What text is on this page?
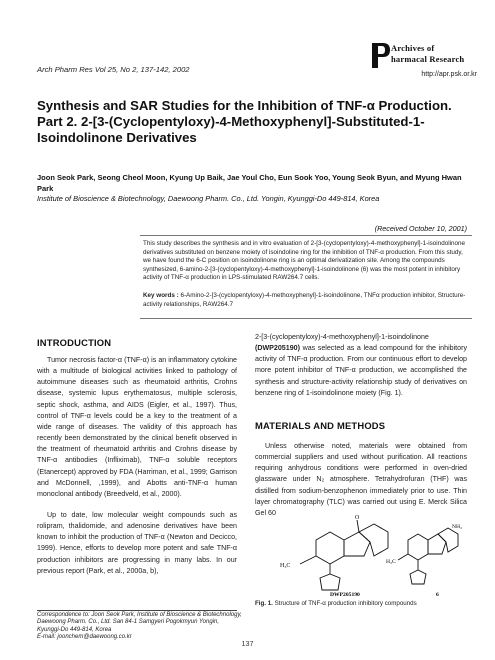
Arch Pharm Res Vol 25, No 2, 137-142, 2002
Archives of
harmacal Research
http://apr.psk.or.kr
Synthesis and SAR Studies for the Inhibition of TNF-α Production. Part 2. 2-[3-(Cyclopentyloxy)-4-Methoxyphenyl]-Substituted-1-Isoindolinone Derivatives
Joon Seok Park, Seong Cheol Moon, Kyung Up Baik, Jae Youl Cho, Eun Sook Yoo, Young Seok Byun, and Myung Hwan Park
Institute of Bioscience & Biotechnology, Daewoong Pharm. Co., Ltd. Yongin, Kyunggi-Do 449-814, Korea
(Received October 10, 2001)
This study describes the synthesis and in vitro evaluation of 2-[3-(cyclopentyloxy)-4-methoxyphenyl]-1-isoindolinone derivatives substituted on benzene moiety of isoindoline ring for the inhibition of TNF-α production. From this study, we have found the 6-C position on isoindolinone ring is an optimal derivatization site. Among the compounds synthesized, 6-amino-2-[3-(cyclopentyloxy)-4-methoxyphenyl]-1-isoindolinone (6) was the most potent in inhibitory activity of TNF-α production in LPS-stimulated RAW264.7 cells.
Key words : 6-Amino-2-[3-(cyclopentyloxy)-4-methoxyphenyl]-1-isoindolinone, TNFα production inhibitor, Structure-activity relationships, RAW264.7
INTRODUCTION
Tumor necrosis factor-α (TNF-α) is an inflammatory cytokine with a multitude of biological activities linked to pathology of autoimmune diseases such as rheumatoid arthritis, Crohns disease, systemic lupus erythematosus, multiple sclerosis, septic shock, asthma, and AIDS (Eigler, et al., 1997). Thus, control of TNF-α levels could be a key to the treatment of a wide range of diseases. The validity of this approach has recently been demonstrated by the clinical benefit observed in the treatment of rheumatoid arthritis and Crohns disease by TNF-α antibodies (Infliximab), TNF-α soluble receptors (Etanercept) approved by FDA (Harriman, et al., 1999; Garrison and McDonnell, ,1999), and Abotts anti-TNF-α human monoclonal antibody (Breedveld, et al., 2000).
Up to date, low molecular weight compounds such as rolipram, thalidomide, and adenosine derivatives have been known to inhibit the production of TNF-α (Newton and Decicco, 1999). Hence, efforts to develop more potent and safe TNF-α production inhibitors are progressing in many labs. In our previous report (Park, et al., 2000a, b),
Correspondence to: Joon Seok Park, Institute of Bioscience & Biotechnology, Daewoong Pharm. Co., Ltd. San 84-1 Samgyeri Pogokmyun Yongin, Kyunggi-Do 449-814, Korea
E-mail: joonchem@daewoong.co.kr
2-[3-(cyclopentyloxy)-4-methoxyphenyl]-1-isoindolinone (DWP205190) was selected as a lead compound for the inhibitory activity of TNF-α production. From our continuous effort to develop more potent inhibitor of TNF-α production, we accomplished the synthesis and structure-activity relationship study of derivatives on benzene ring of 1-isoindolinone moiety (Fig. 1).
MATERIALS AND METHODS
Unless otherwise noted, materials were obtained from commercial suppliers and used without purification. All reactions requiring anhydrous conditions were performed in oven-dried glassware under N₂ atmosphere. Tetrahydrofuran (THF) was distilled from sodium-benzophenon immediately prior to use. Thin layer chromatography (TLC) was carried out using E. Merck Silica Gel 60
O
H₃C
NH₂
H₃C
DWP205190	6
Fig. 1. Structure of TNF-α production inhibitory compounds
137
